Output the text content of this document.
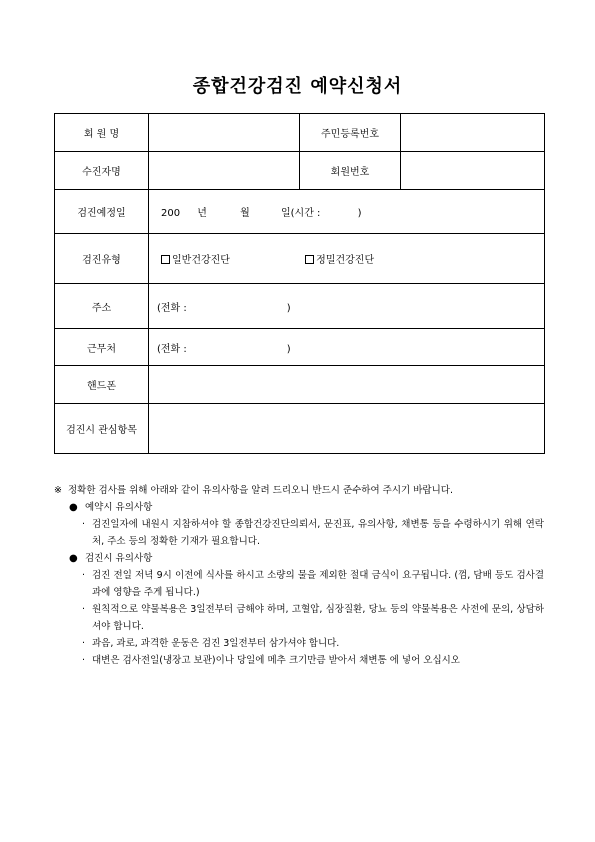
종합건강검진 예약신청서
회 원 명		주민등록번호	
수진자명		회원번호	
검진예정일	200 년 월 일(시간 : )		
검진유형	일반건강진단 정밀건강진단		
주소	(전화 : )		
근무처	(전화 : )		
핸드폰			
검진시 관심항목			
※ 정확한 검사를 위해 아래와 같이 유의사항을 알려 드리오니 반드시 준수하여 주시기 바랍니다.
● 예약시 유의사항
· 검진일자에 내원시 지참하셔야 할 종합건강진단의뢰서, 문진표, 유의사항, 채변통 등을 수령하시기 위해 연락처, 주소 등의 정확한 기재가 필요합니다.
● 검진시 유의사항
· 검진 전일 저녁 9시 이전에 식사를 하시고 소량의 물을 제외한 절대 금식이 요구됩니다. (껌, 담배 등도 검사결과에 영향을 주게 됩니다.)
· 원칙적으로 약물복용은 3일전부터 금해야 하며, 고혈압, 심장질환, 당뇨 등의 약물복용은 사전에 문의, 상담하셔야 합니다.
· 과음, 과로, 과격한 운동은 검진 3일전부터 삼가셔야 합니다.
· 대변은 검사전일(냉장고 보관)이나 당일에 메추 크기만큼 받아서 채변통 에 넣어 오십시오
